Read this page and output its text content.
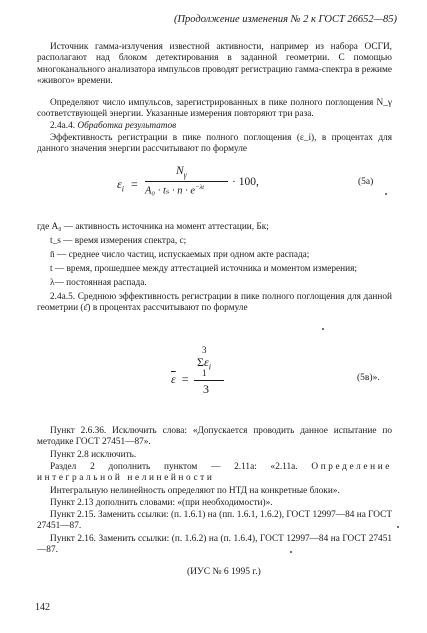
(Продолжение изменения № 2 к ГОСТ 26652—85)

Источник гамма-излучения известной активности, например из набора ОСГИ, располагают над блоком детектирования в заданной геометрии. С помощью многоканального анализатора импульсов проводят регистрацию гамма-спектра в режиме «живого» времени.

Определяют число импульсов, зарегистрированных в пике полного поглощения N_γ соответствующей энергии. Указанные измерения повторяют три раза.

2.4а.4. Обработка результатов

Эффективность регистрации в пике полного поглощения (ε_i), в процентах для данного значения энергии рассчитывают по формуле

$\varepsilon_i$ =
$N_\gamma$
$A_0 \cdot t_s \cdot n \cdot e^{-\lambda t} \cdot 100$,	(5а)

где A₀ — активность источника на момент аттестации, Бк;

t_s — время измерения спектра, с;

n̄ — среднее число частиц, испускаемых при одном акте распада;

t — время, прошедшее между аттестацией источника и моментом измерения;

λ— постоянная распада.

2.4а.5. Среднюю эффективность регистрации в пике полного поглощения для данной геометрии (ε̄) в процентах рассчитывают по формуле

3
$\Sigma\varepsilon_i$
1
$\overline{\varepsilon}$ =
3
(5в)».

Пункт 2.6.36. Исключить слова: «Допускается проводить данное испытание по методике ГОСТ 27451—87».

Пункт 2.8 исключить.

Раздел 2 дополнить пунктом — 2.11а: «2.11а. Определение интегральной нелинейности

Интегральную нелинейность определяют по НТД на конкретные блоки».

Пункт 2.13 дополнить словами: «(при необходимости)».

Пункт 2.15. Заменить ссылки: (п. 1.6.1) на (пп. 1.6.1, 1.6.2), ГОСТ 12997—84 на ГОСТ 27451—87.

Пункт 2.16. Заменить ссылки: (п. 1.6.2) на (п. 1.6.4), ГОСТ 12997—84 на ГОСТ 27451—87.

(ИУС № 6 1995 г.)
142
